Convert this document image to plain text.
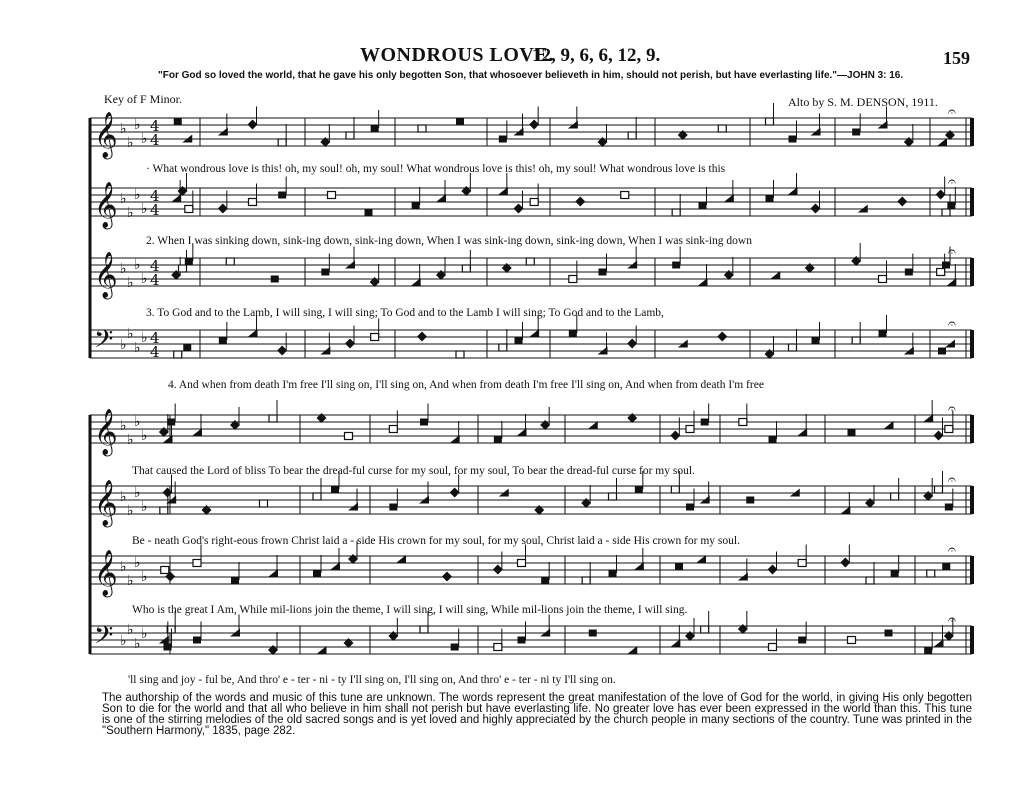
WONDROUS LOVE.
12, 9, 6, 6, 12, 9.	159
"For God so loved the world, that he gave his only begotten Son, that whosoever believeth in him, should not perish, but have everlasting life."—JOHN 3: 16.
Key of F Minor.	Alto by S. M. DENSON, 1911.
𝄞 ♭
♭
♭
♭
4
4
𝄐
𝄞 ♭
♭
♭
♭
4
4
𝄐
𝄞 ♭
♭
♭
♭
4
4
𝄐
𝄢 ♭
♭
♭
♭ 4
4
𝄐
𝄞 ♭
♭
♭
♭
𝄐
𝄞 ♭
♭
♭
♭
𝄐
𝄞 ♭
♭
♭
♭
𝄐
𝄢 ♭
♭
♭
♭
𝄐
· What wondrous love is this! oh, my soul! oh, my soul! What wondrous love is this! oh, my soul! What wondrous love is this
2. When I was sinking down, sink-ing down, sink-ing down, When I was sink-ing down, sink-ing down, When I was sink-ing down
3. To God and to the Lamb, I will sing, I will sing; To God and to the Lamb I will sing; To God and to the Lamb,
4. And when from death I'm free I'll sing on, I'll sing on, And when from death I'm free I'll sing on, And when from death I'm free
That caused the Lord of bliss To bear the dread-ful curse for my soul, for my soul, To bear the dread-ful curse for my soul.
Be - neath God's right-eous frown Christ laid a - side His crown for my soul, for my soul, Christ laid a - side His crown for my soul.
Who is the great I Am, While mil-lions join the theme, I will sing, I will sing, While mil-lions join the theme, I will sing.
'll sing and joy - ful be, And thro' e - ter - ni - ty I'll sing on, I'll sing on, And thro' e - ter - ni ty I'll sing on.
The authorship of the words and music of this tune are unknown. The words represent the great manifestation of the love of God for the world, in giving His only begotten Son to die for the world and that all who believe in him shall not perish but have everlasting life. No greater love has ever been expressed in the world than this. This tune is one of the stirring melodies of the old sacred songs and is yet loved and highly appreciated by the church people in many sections of the country. Tune was printed in the "Southern Harmony," 1835, page 282.
